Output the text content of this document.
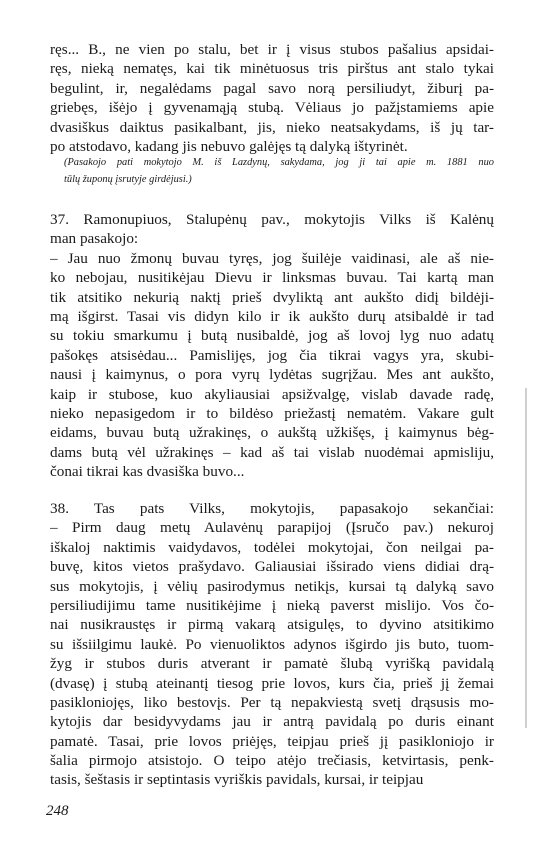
ręs... B., ne vien po stalu, bet ir į visus stubos pašalius apsidai-
ręs, nieką nematęs, kai tik minėtuosus tris pirštus ant stalo tykai
begulint, ir, negalėdams pagal savo norą persiliudyt, žiburį pa-
griebęs, išėjo į gyvenamąją stubą. Vėliaus jo pažįstamiems apie
dvasiškus daiktus pasikalbant, jis, nieko neatsakydams, iš jų tar-
po atstodavo, kadang jis nebuvo galėjęs tą dalyką ištyrinėt.
(Pasakojo pati mokytojo M. iš Lazdynų, sakydama, jog ji tai apie m. 1881 nuo
tūlų župonų įsrutyje girdėjusi.)
37. Ramonupiuos, Stalupėnų pav., mokytojis Vilks iš Kalėnų
man pasakojo:
– Jau nuo žmonų buvau tyręs, jog šuilėje vaidinasi, ale aš nie-
ko nebojau, nusitikėjau Dievu ir linksmas buvau. Tai kartą man
tik atsitiko nekurią naktį prieš dvyliktą ant aukšto didį bildėji-
mą išgirst. Tasai vis didyn kilo ir ik aukšto durų atsibaldė ir tad
su tokiu smarkumu į butą nusibaldė, jog aš lovoj lyg nuo adatų
pašokęs atsisėdau... Pamislijęs, jog čia tikrai vagys yra, skubi-
nausi į kaimynus, o pora vyrų lydėtas sugrįžau. Mes ant aukšto,
kaip ir stubose, kuo akyliausiai apsižvalgę, vislab davade radę,
nieko nepasigedom ir to bildėso priežastį nematėm. Vakare gult
eidams, buvau butą užrakinęs, o aukštą užkišęs, į kaimynus bėg-
dams butą vėl užrakinęs – kad aš tai vislab nuodėmai apmisliju,
čonai tikrai kas dvasiška buvo...
38. Tas pats Vilks, mokytojis, papasakojo sekančiai:
– Pirm daug metų Aulavėnų parapijoj (Įsručo pav.) nekuroj
iškaloj naktimis vaidydavos, todėlei mokytojai, čon neilgai pa-
buvę, kitos vietos prašydavo. Galiausiai išsirado viens didiai drą-
sus mokytojis, į vėlių pasirodymus netikįs, kursai tą dalyką savo
persiliudijimu tame nusitikėjime į nieką paverst mislijo. Vos čo-
nai nusikraustęs ir pirmą vakarą atsigulęs, to dyvino atsitikimo
su išsiilgimu laukė. Po vienuoliktos adynos išgirdo jis buto, tuom-
žyg ir stubos duris atverant ir pamatė šlubą vyrišką pavidalą
(dvasę) į stubą ateinantį tiesog prie lovos, kurs čia, prieš jį žemai
pasikloniojęs, liko bestovįs. Per tą nepakviestą svetį drąsusis mo-
kytojis dar besidyvydams jau ir antrą pavidalą po duris einant
pamatė. Tasai, prie lovos priėjęs, teipjau prieš jį pasikloniojo ir
šalia pirmojo atsistojo. O teipo atėjo trečiasis, ketvirtasis, penk-
tasis, šeštasis ir septintasis vyriškis pavidals, kursai, ir teipjau
248
